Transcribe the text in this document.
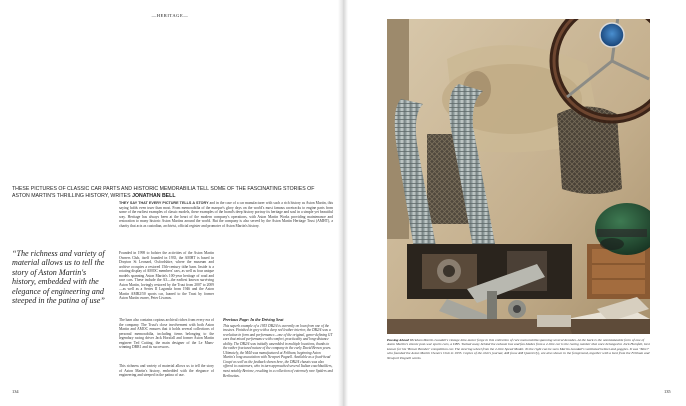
—HERITAGE—
THESE PICTURES OF CLASSIC CAR PARTS AND HISTORIC MEMORABILIA TELL SOME OF THE FASCINATING STORIES OF ASTON MARTIN'S THRILLING HISTORY, WRITES JONATHAN BELL
THEY SAY THAT EVERY PICTURE TELLS A STORY and in the case of a car manufacturer with such a rich history as Aston Martin, this saying holds even truer than most. From memorabilia of the marque's glory days on the world's most famous racetracks to engine parts from some of the earliest examples of classic models, these examples of the brand's deep history portray its heritage and soul in a simple yet beautiful way. Heritage has always been at the heart of the modern company's operations, with Aston Martin Works providing maintenance and restoration to many historic Aston Martins around the world. But the company is also served by the Aston Martin Heritage Trust (AMHT), a charity that acts as custodian, archivist, official register and promoter of Aston Martin's history.
“The richness and variety of material allows us to tell the story of Aston Martin's history, embedded with the elegance of engineering and steeped in the patina of use”
Founded in 1998 to bolster the activities of the Aston Martin Owners Club, itself founded in 1935, the AMHT is based in Drayton St Leonard, Oxfordshire, where the museum and archive occupies a restored 15th-century tithe barn. Inside is a rotating display of AMOC members' cars, as well as four unique models spanning Aston Martin's 100-year heritage of road and race cars. These include the A3—the earliest known surviving Aston Martin, lovingly restored by the Trust from 2007 to 2009—as well as a Series II Lagonda from 1946 and the Aston Martin AMR2/50 sports car, loaned to the Trust by former Aston Martin owner, Peter Livanos.
The barn also contains copious archival riches from every era of the company. The Trust's close involvement with both Aston Martin and AMOC ensures that it holds several collections of personal memorabilia, including items belonging to the legendary racing driver Jack Horsfall and former Aston Martin engineer Ted Cutting, the main designer of the Le Mans-winning DBR1 and its successors.
This richness and variety of material allows us to tell the story of Aston Martin's history, embedded with the elegance of engineering and steeped in the patina of use.
Previous Page: In the Driving Seat
This superb example of a 1953 DB2/4 is currently on loan from one of the trustees. Finished in grey with a deep red leather interior, the DB2/4 was a revelation in form and performance—one of the original, genre-defining GT cars that mixed performance with comfort, practicality and long-distance ability. The DB2/4 was initially assembled in multiple locations, thanks to the rather fractured nature of the company in the early David Brown years. Ultimately, the M44 was manufactured at Feltham, beginning Aston Martin's long association with Newport Pagnell. Available as a fixed-head Coupé as well as the fastback shown here, the DB2/4 chassis was also offered to customers, who in turn approached several Italian coachbuilders, most notably Bertone, resulting in a collection of extremely rare Spiders and Berlinettas.
134
Passing Ahead Wickham Martin-Goodall's vintage lobe-motor forge in this collection of rare memorabilia spanning several decades. At the back is the unmistakeable form of one of Aston Martin's classic post-war sports cars, a DB5. Tucked away behind the exhaust box and fan blades from a 2-litre car is the racing number that once belonged to Jock Horsfall, best known for his 'Brown Bomber' competition car. The steering wheel from the 2-litre Speed Model. To the right can be seen Martin-Goodall's ventilated helmet and goggles. It was "Mort" who founded the Aston Martin Owners Club in 1935. Copies of the club's journal, AM (now AM Quarterly), are also shown in the foreground, together with a bust from the Feltham and Newport Pagnell works.
135
